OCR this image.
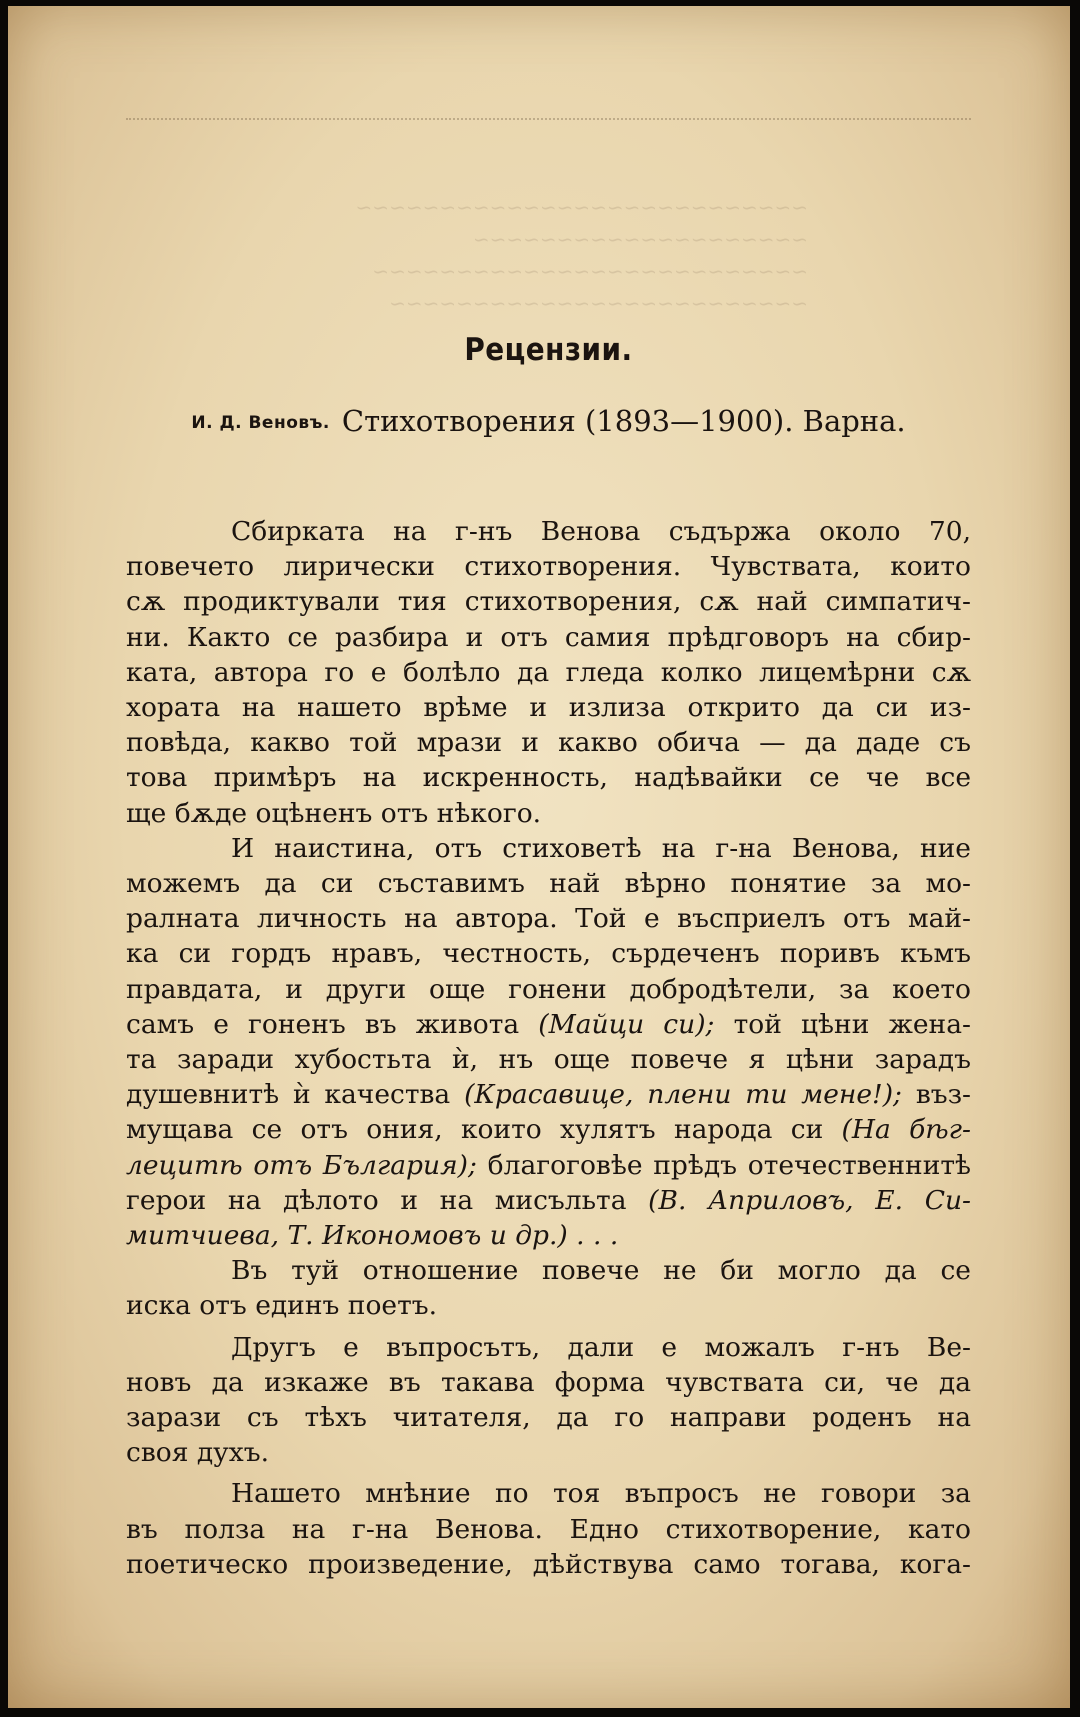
~~~~~~~~~~~~~~~~~~~~~~~~~~~
~~~~~~~~~~~~~~~~~~~~
~~~~~~~~~~~~~~~~~~~~~~~~~~
~~~~~~~~~~~~~~~~~~~~~~~~~
Рецензии.

И. Д. Веновъ. Стихотворения (1893—1900). Варна.

Сбирката на г-нъ Венова съдържа около 70,

повечето лирически стихотворения. Чувствата, които

сѫ продиктували тия стихотворения, сѫ най симпатич-

ни. Както се разбира и отъ самия прѣдговоръ на сбир-

ката, автора го е болѣло да гледа колко лицемѣрни сѫ

хората на нашето врѣме и излиза открито да си из-

повѣда, какво той мрази и какво обича — да даде съ

това примѣръ на искренность, надѣвайки се че все

ще бѫде оцѣненъ отъ нѣкого.

И наистина, отъ стиховетѣ на г-на Венова, ние

можемъ да си съставимъ най вѣрно понятие за мо-

ралната личность на автора. Той е въсприелъ отъ май-

ка си гордъ нравъ, честность, сърдеченъ поривъ къмъ

правдата, и други още гонени добродѣтели, за което

самъ е гоненъ въ живота (Майци си); той цѣни жена-

та заради хубостьта ѝ, нъ още повече я цѣни зарадъ

душевнитѣ ѝ качества (Красавице, плени ти мене!); въз-

мущава се отъ ония, които хулятъ народа си (На бѣг-

лецитѣ отъ България); благоговѣе прѣдъ отечественнитѣ

герои на дѣлото и на мисъльта (В. Априловъ, Е. Си-

митчиева, Т. Икономовъ и др.) . . .

Въ туй отношение повече не би могло да се

иска отъ единъ поетъ.

Другъ е въпросътъ, дали е можалъ г-нъ Ве-

новъ да изкаже въ такава форма чувствата си, че да

зарази съ тѣхъ читателя, да го направи роденъ на

своя духъ.

Нашето мнѣние по тоя въпросъ не говори за

въ полза на г-на Венова. Едно стихотворение, като

поетическо произведение, дѣйствува само тогава, кога-
